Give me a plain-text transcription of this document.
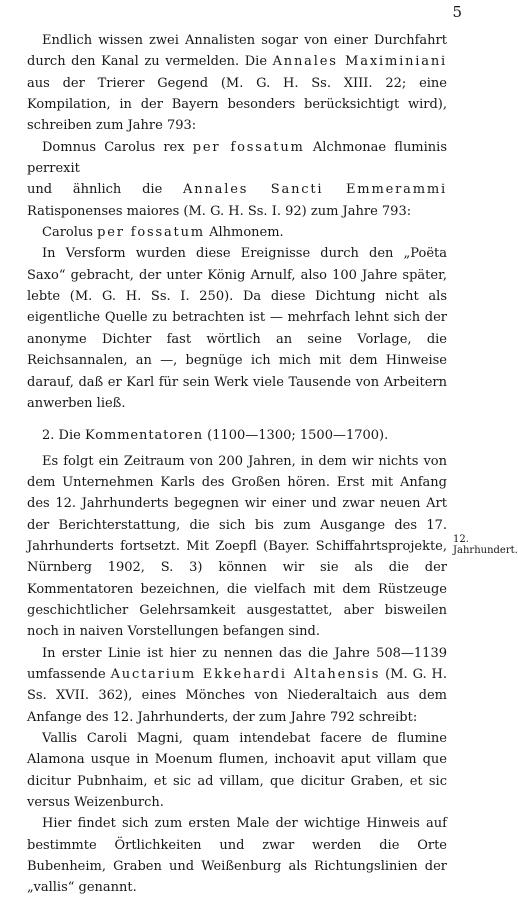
5

Endlich wissen zwei Annalisten sogar von einer Durchfahrt durch den Kanal zu vermelden. Die Annales Maximiniani aus der Trierer Gegend (M. G. H. Ss. XIII. 22; eine Kompilation, in der Bayern besonders berücksichtigt wird), schreiben zum Jahre 793:

Domnus Carolus rex per fossatum Alchmonae fluminis perrexit

und ähnlich die Annales Sancti Emmerammi Ratisponenses maiores (M. G. H. Ss. I. 92) zum Jahre 793:

Carolus per fossatum Alhmonem.

In Versform wurden diese Ereignisse durch den „Poëta Saxo“ gebracht, der unter König Arnulf, also 100 Jahre später, lebte (M. G. H. Ss. I. 250). Da diese Dichtung nicht als eigentliche Quelle zu betrachten ist — mehrfach lehnt sich der anonyme Dichter fast wörtlich an seine Vorlage, die Reichsannalen, an —, begnüge ich mich mit dem Hinweise darauf, daß er Karl für sein Werk viele Tausende von Arbeitern anwerben ließ.

2. Die Kommentatoren (1100—1300; 1500—1700).

Es folgt ein Zeitraum von 200 Jahren, in dem wir nichts von dem Unternehmen Karls des Großen hören. Erst mit Anfang des 12. Jahrhunderts begegnen wir einer und zwar neuen Art der Berichterstattung, die sich bis zum Ausgange des 17. Jahrhunderts fortsetzt. Mit Zoepfl (Bayer. Schiffahrtsprojekte, Nürnberg 1902, S. 3) können wir sie als die der Kommentatoren bezeichnen, die vielfach mit dem Rüstzeuge geschichtlicher Gelehrsamkeit ausgestattet, aber bisweilen noch in naiven Vorstellungen befangen sind.

In erster Linie ist hier zu nennen das die Jahre 508—1139 umfassende Auctarium Ekkehardi Altahensis (M. G. H. Ss. XVII. 362), eines Mönches von Niederaltaich aus dem Anfange des 12. Jahrhunderts, der zum Jahre 792 schreibt:

Vallis Caroli Magni, quam intendebat facere de flumine Alamona usque in Moenum flumen, inchoavit aput villam que dicitur Pubnhaim, et sic ad villam, que dicitur Graben, et sic versus Weizenburch.

Hier findet sich zum ersten Male der wichtige Hinweis auf bestimmte Örtlichkeiten und zwar werden die Orte Bubenheim, Graben und Weißenburg als Richtungslinien der „vallis“ genannt.

12. Jahrhundert.
